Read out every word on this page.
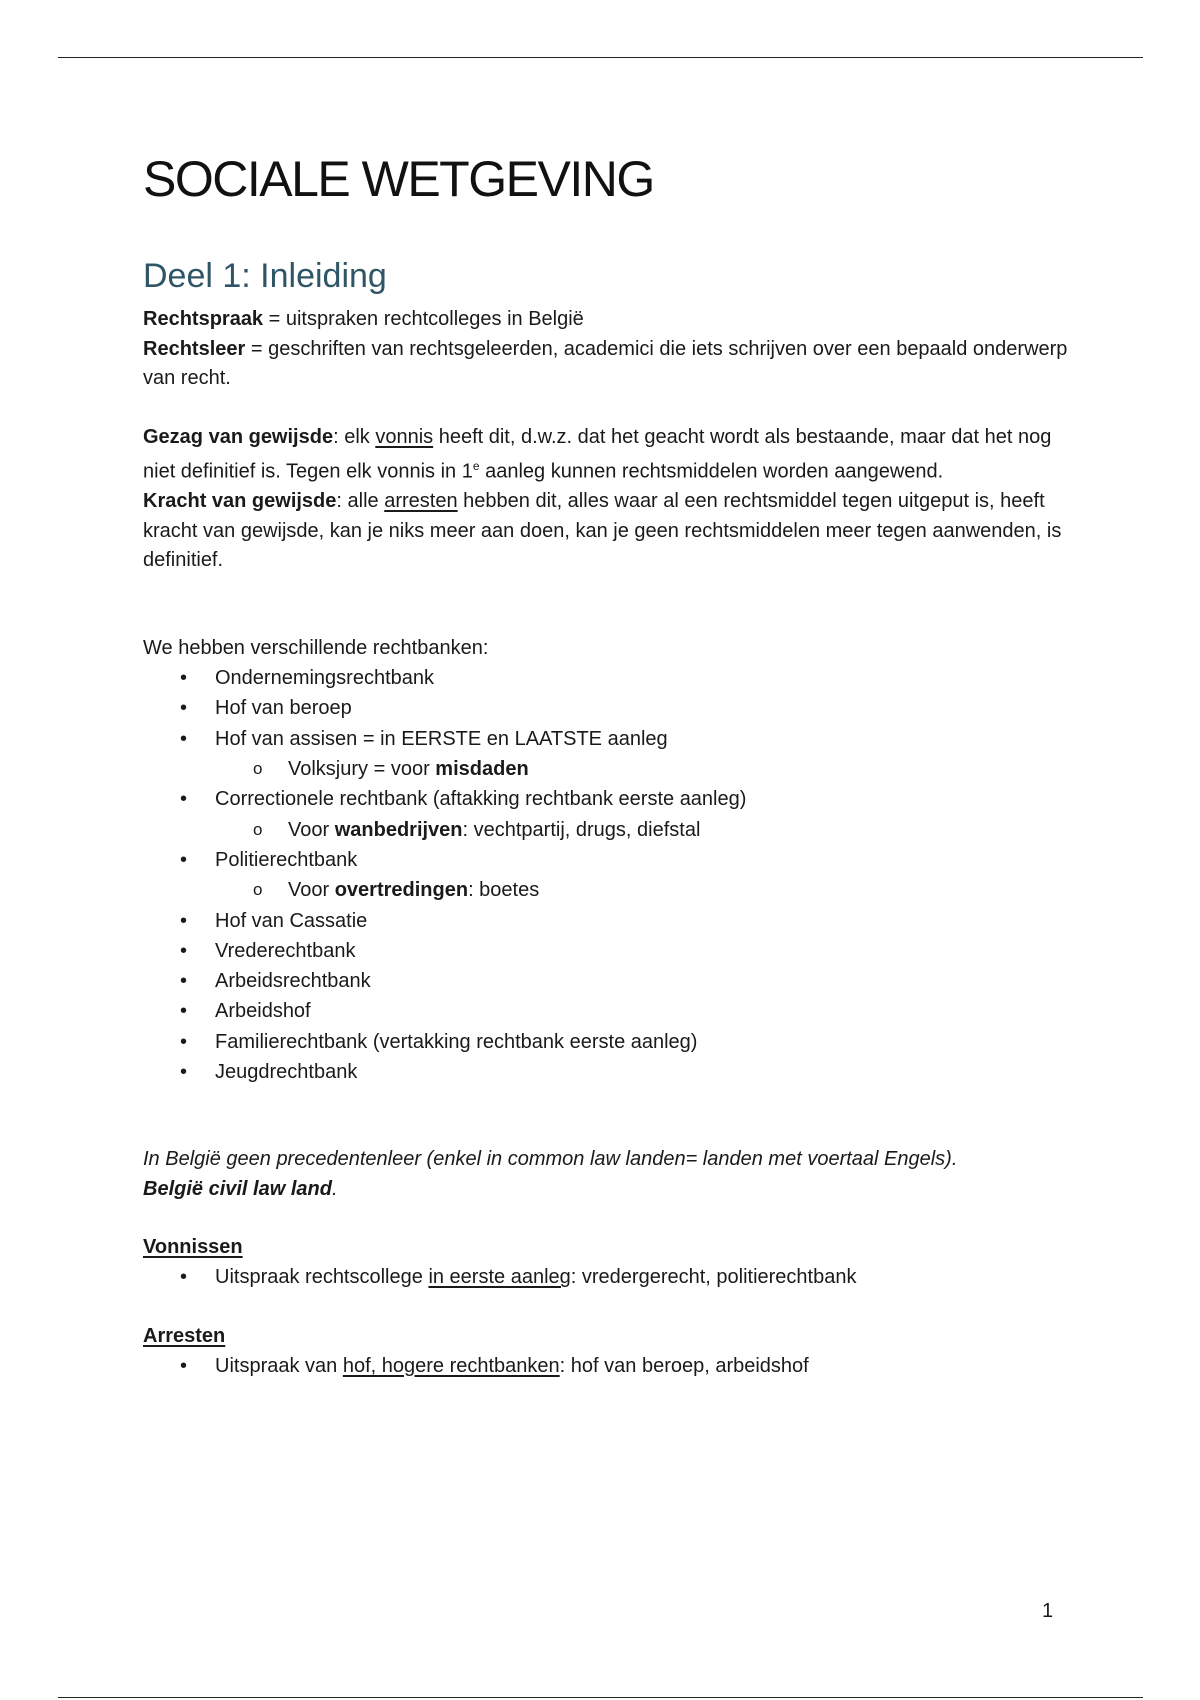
SOCIALE WETGEVING
Deel 1: Inleiding

Rechtspraak = uitspraken rechtcolleges in België

Rechtsleer = geschriften van rechtsgeleerden, academici die iets schrijven over een bepaald onderwerp van recht.

Gezag van gewijsde: elk vonnis heeft dit, d.w.z. dat het geacht wordt als bestaande, maar dat het nog niet definitief is. Tegen elk vonnis in 1e aanleg kunnen rechtsmiddelen worden aangewend.

Kracht van gewijsde: alle arresten hebben dit, alles waar al een rechtsmiddel tegen uitgeput is, heeft kracht van gewijsde, kan je niks meer aan doen, kan je geen rechtsmiddelen meer tegen aanwenden, is definitief.

We hebben verschillende rechtbanken:

• Ondernemingsrechtbank
• Hof van beroep
• Hof van assisen = in EERSTE en LAATSTE aanleg
o Volksjury = voor misdaden
• Correctionele rechtbank (aftakking rechtbank eerste aanleg)
o Voor wanbedrijven: vechtpartij, drugs, diefstal
• Politierechtbank
o Voor overtredingen: boetes
• Hof van Cassatie
• Vrederechtbank
• Arbeidsrechtbank
• Arbeidshof
• Familierechtbank (vertakking rechtbank eerste aanleg)
• Jeugdrechtbank

In België geen precedentenleer (enkel in common law landen= landen met voertaal Engels).

België civil law land.

Vonnissen

• Uitspraak rechtscollege in eerste aanleg: vredergerecht, politierechtbank

Arresten

• Uitspraak van hof, hogere rechtbanken: hof van beroep, arbeidshof
1
